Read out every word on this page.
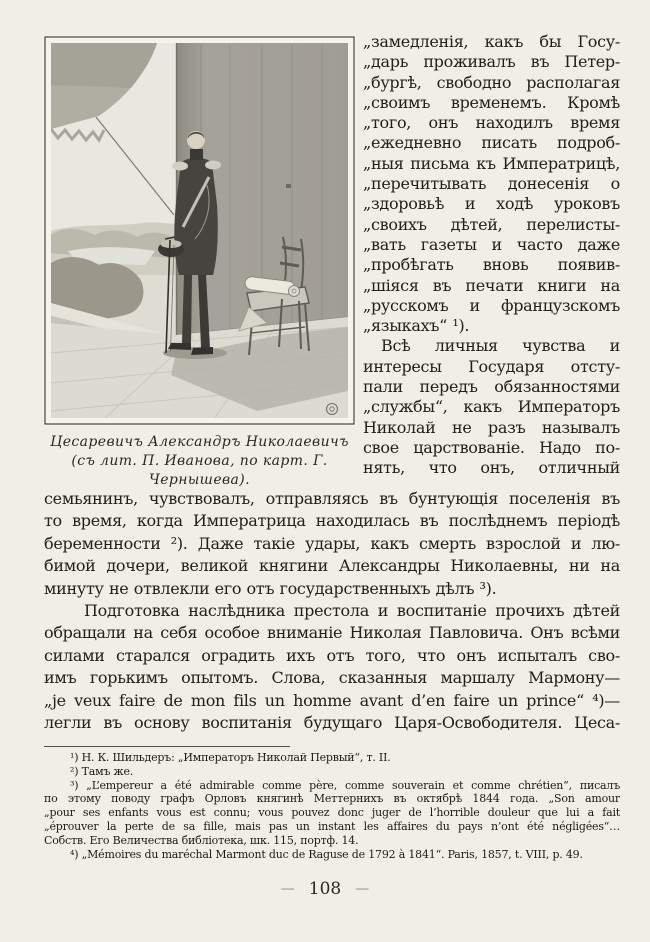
Цесаревичъ Александръ Николаевичъ
(съ лит. П. Иванова, по карт. Г. Чернышева).
„замедленія, какъ бы Госу-
„дарь проживалъ въ Петер-
„бургѣ, свободно располагая
„своимъ временемъ. Кромѣ
„того, онъ находилъ время
„ежедневно писать подроб-
„ныя письма къ Императрицѣ,
„перечитывать донесенія о
„здоровьѣ и ходѣ уроковъ
„своихъ дѣтей, перелисты-
„вать газеты и часто даже
„пробѣгать вновь появив-
„шіяся въ печати книги на
„русскомъ и французскомъ
„языкахъ“ ¹).
Всѣ личныя чувства и
интересы Государя отсту-
пали передъ обязанностями
„службы“, какъ Императоръ
Николай не разъ называлъ
свое царствованіе. Надо по-
нять, что онъ, отличный
семьянинъ, чувствовалъ, отправляясь въ бунтующія поселенія въ
то время, когда Императрица находилась въ послѣднемъ періодѣ
беременности ²). Даже такіе удары, какъ смерть взрослой и лю-
бимой дочери, великой княгини Александры Николаевны, ни на
минуту не отвлекли его отъ государственныхъ дѣлъ ³).
Подготовка наслѣдника престола и воспитаніе прочихъ дѣтей
обращали на себя особое вниманіе Николая Павловича. Онъ всѣми
силами старался оградить ихъ отъ того, что онъ испыталъ сво-
имъ горькимъ опытомъ. Слова, сказанныя маршалу Мармону—
„je veux faire de mon fils un homme avant d’en faire un prince“ ⁴)—
легли въ основу воспитанія будущаго Царя-Освободителя. Цеса-
¹) Н. К. Шильдеръ: „Императоръ Николай Первый“, т. II.
²) Тамъ же.
³) „L’empereur a été admirable comme père, comme souverain et comme chrétien“, писалъ
по этому поводу графъ Орловъ княгинѣ Меттернихъ въ октябрѣ 1844 года. „Son amour
„pour ses enfants vous est connu; vous pouvez donc juger de l’horrible douleur que lui a fait
„éprouver la perte de sa fille, mais pas un instant les affaires du pays n’ont été négligées“…
Собств. Его Величества библіотека, шк. 115, портф. 14.
⁴) „Mémoires du maréchal Marmont duc de Raguse de 1792 à 1841“. Paris, 1857, t. VIII, p. 49.
— 108 —
